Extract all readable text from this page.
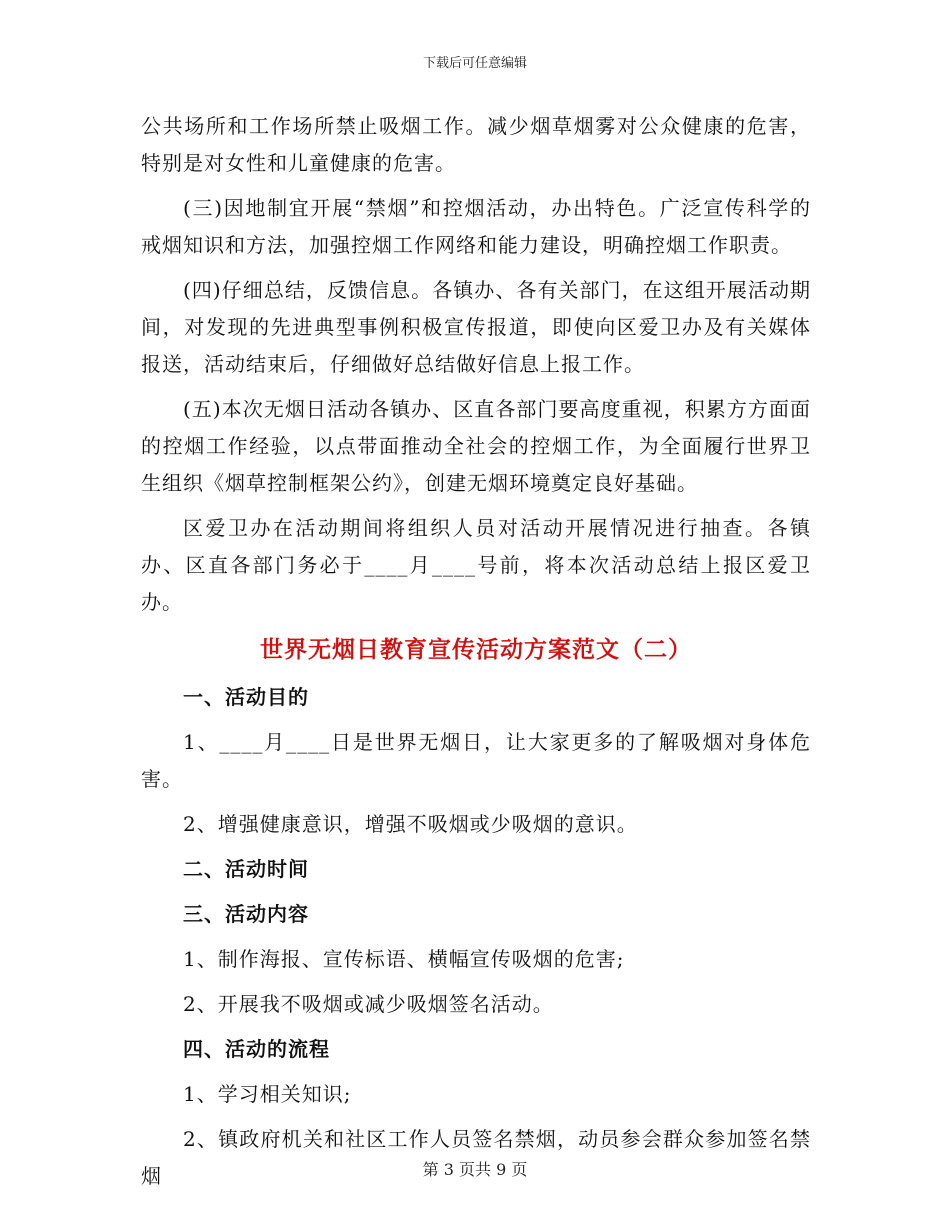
下载后可任意编辑

公共场所和工作场所禁止吸烟工作。减少烟草烟雾对公众健康的危害，特别是对女性和儿童健康的危害。

(三)因地制宜开展“禁烟”和控烟活动，办出特色。广泛宣传科学的戒烟知识和方法，加强控烟工作网络和能力建设，明确控烟工作职责。

(四)仔细总结，反馈信息。各镇办、各有关部门，在这组开展活动期间，对发现的先进典型事例积极宣传报道，即使向区爱卫办及有关媒体报送，活动结束后，仔细做好总结做好信息上报工作。

(五)本次无烟日活动各镇办、区直各部门要高度重视，积累方方面面的控烟工作经验，以点带面推动全社会的控烟工作，为全面履行世界卫生组织《烟草控制框架公约》，创建无烟环境奠定良好基础。

区爱卫办在活动期间将组织人员对活动开展情况进行抽查。各镇办、区直各部门务必于____月____号前，将本次活动总结上报区爱卫办。

世界无烟日教育宣传活动方案范文（二）

一、活动目的

1、____月____日是世界无烟日，让大家更多的了解吸烟对身体危害。

2、增强健康意识，增强不吸烟或少吸烟的意识。

二、活动时间

三、活动内容

1、制作海报、宣传标语、横幅宣传吸烟的危害;

2、开展我不吸烟或减少吸烟签名活动。

四、活动的流程

1、学习相关知识;

2、镇政府机关和社区工作人员签名禁烟，动员参会群众参加签名禁烟	第 3 页共 9 页
